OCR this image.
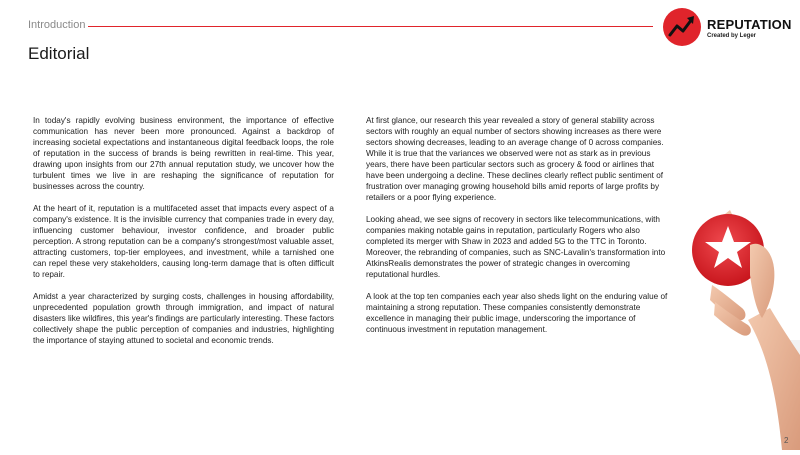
Introduction
Editorial
REPUTATION
Created by Leger

In today's rapidly evolving business environment, the importance of effective communication has never been more pronounced. Against a backdrop of increasing societal expectations and instantaneous digital feedback loops, the role of reputation in the success of brands is being rewritten in real-time. This year, drawing upon insights from our 27th annual reputation study, we uncover how the turbulent times we live in are reshaping the significance of reputation for businesses across the country.

At the heart of it, reputation is a multifaceted asset that impacts every aspect of a company's existence. It is the invisible currency that companies trade in every day, influencing customer behaviour, investor confidence, and broader public perception. A strong reputation can be a company's strongest/most valuable asset, attracting customers, top-tier employees, and investment, while a tarnished one can repel these very stakeholders, causing long-term damage that is often difficult to repair.

Amidst a year characterized by surging costs, challenges in housing affordability, unprecedented population growth through immigration, and impact of natural disasters like wildfires, this year's findings are particularly interesting. These factors collectively shape the public perception of companies and industries, highlighting the importance of staying attuned to societal and economic trends.

At first glance, our research this year revealed a story of general stability across sectors with roughly an equal number of sectors showing increases as there were sectors showing decreases, leading to an average change of 0 across companies. While it is true that the variances we observed were not as stark as in previous years, there have been particular sectors such as grocery & food or airlines that have been undergoing a decline. These declines clearly reflect public sentiment of frustration over managing growing household bills amid reports of large profits by retailers or a poor flying experience.

Looking ahead, we see signs of recovery in sectors like telecommunications, with companies making notable gains in reputation, particularly Rogers who also completed its merger with Shaw in 2023 and added 5G to the TTC in Toronto. Moreover, the rebranding of companies, such as SNC-Lavalin's transformation into AtkinsRealis demonstrates the power of strategic changes in overcoming reputational hurdles.

A look at the top ten companies each year also sheds light on the enduring value of maintaining a strong reputation. These companies consistently demonstrate excellence in managing their public image, underscoring the importance of continuous investment in reputation management.

2
